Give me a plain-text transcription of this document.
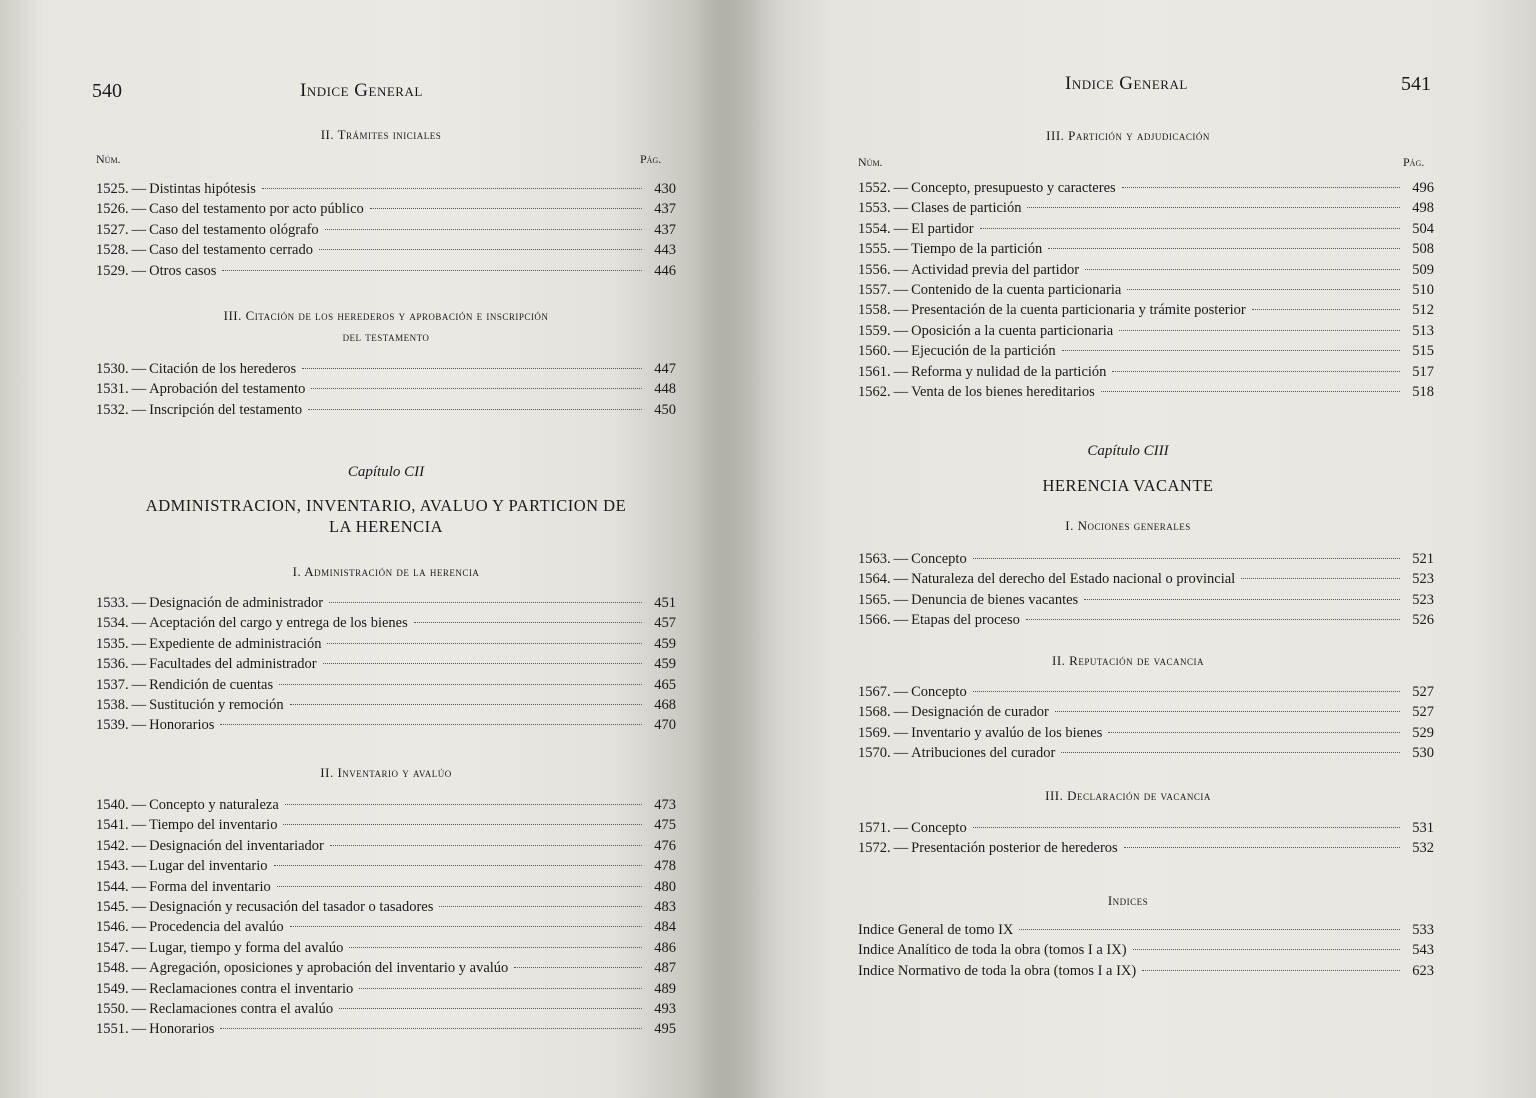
540	Indice General
II. Trámites iniciales
Núm.	Pág.
1525. — Distintas hipótesis	430
1526. — Caso del testamento por acto público	437
1527. — Caso del testamento ológrafo	437
1528. — Caso del testamento cerrado	443
1529. — Otros casos	446
III. Citación de los herederos y aprobación e inscripción
del testamento
1530. — Citación de los herederos	447
1531. — Aprobación del testamento	448
1532. — Inscripción del testamento	450
Capítulo CII
ADMINISTRACION, INVENTARIO, AVALUO Y PARTICION DE
LA HERENCIA
I. Administración de la herencia
1533. — Designación de administrador	451
1534. — Aceptación del cargo y entrega de los bienes	457
1535. — Expediente de administración	459
1536. — Facultades del administrador	459
1537. — Rendición de cuentas	465
1538. — Sustitución y remoción	468
1539. — Honorarios	470
II. Inventario y avalúo
1540. — Concepto y naturaleza	473
1541. — Tiempo del inventario	475
1542. — Designación del inventariador	476
1543. — Lugar del inventario	478
1544. — Forma del inventario	480
1545. — Designación y recusación del tasador o tasadores	483
1546. — Procedencia del avalúo	484
1547. — Lugar, tiempo y forma del avalúo	486
1548. — Agregación, oposiciones y aprobación del inventario y avalúo	487
1549. — Reclamaciones contra el inventario	489
1550. — Reclamaciones contra el avalúo	493
1551. — Honorarios	495
Indice General	541
III. Partición y adjudicación
Núm.	Pág.
1552. — Concepto, presupuesto y caracteres	496
1553. — Clases de partición	498
1554. — El partidor	504
1555. — Tiempo de la partición	508
1556. — Actividad previa del partidor	509
1557. — Contenido de la cuenta particionaria	510
1558. — Presentación de la cuenta particionaria y trámite posterior	512
1559. — Oposición a la cuenta particionaria	513
1560. — Ejecución de la partición	515
1561. — Reforma y nulidad de la partición	517
1562. — Venta de los bienes hereditarios	518
Capítulo CIII
HERENCIA VACANTE
I. Nociones generales
1563. — Concepto	521
1564. — Naturaleza del derecho del Estado nacional o provincial	523
1565. — Denuncia de bienes vacantes	523
1566. — Etapas del proceso	526
II. Reputación de vacancia
1567. — Concepto	527
1568. — Designación de curador	527
1569. — Inventario y avalúo de los bienes	529
1570. — Atribuciones del curador	530
III. Declaración de vacancia
1571. — Concepto	531
1572. — Presentación posterior de herederos	532
Indices
Indice General de tomo IX	533
Indice Analítico de toda la obra (tomos I a IX)	543
Indice Normativo de toda la obra (tomos I a IX)	623
